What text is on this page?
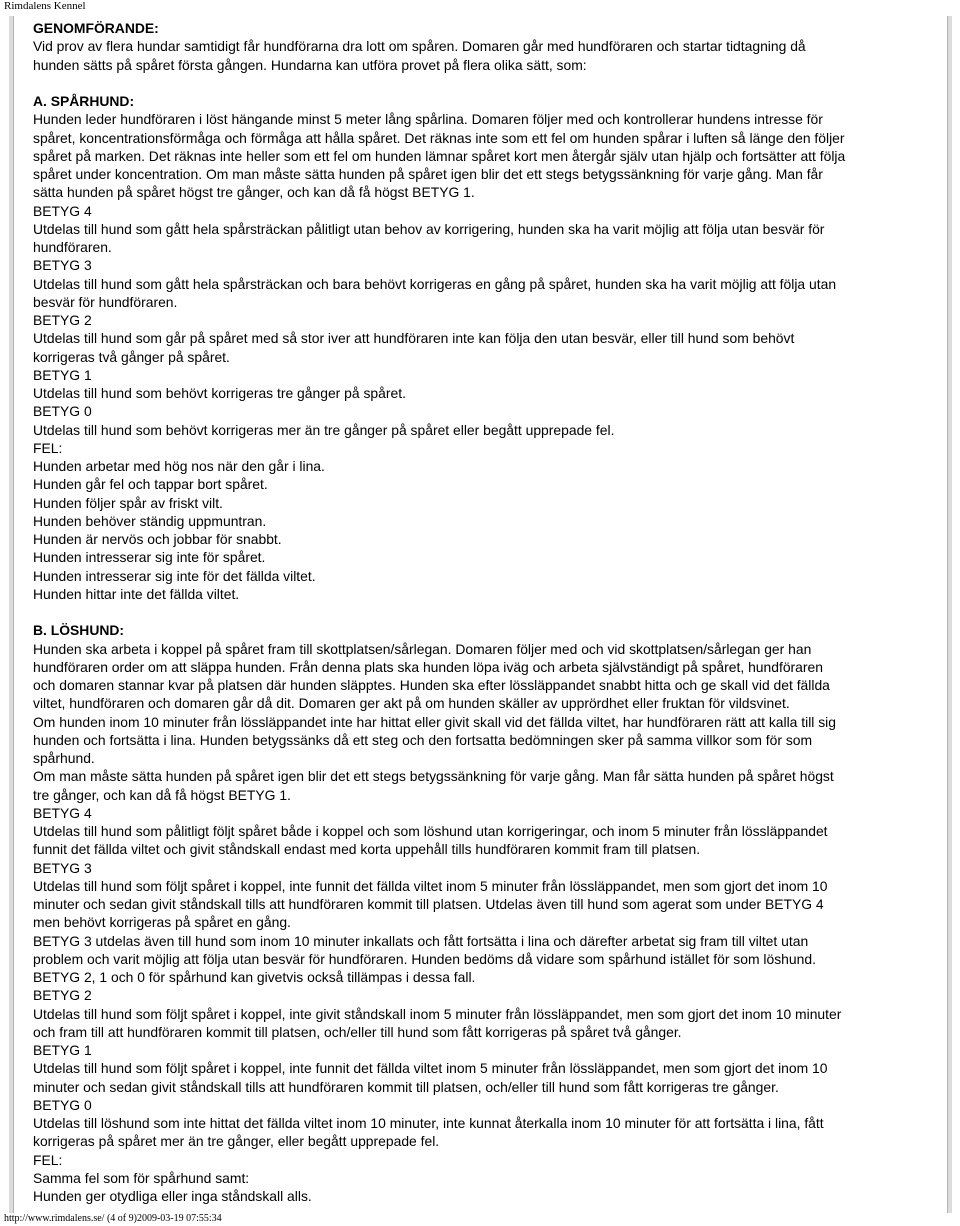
Rimdalens Kennel
GENOMFÖRANDE:
Vid prov av flera hundar samtidigt får hundförarna dra lott om spåren. Domaren går med hundföraren och startar tidtagning då
hunden sätts på spåret första gången. Hundarna kan utföra provet på flera olika sätt, som:
A. SPÅRHUND:
Hunden leder hundföraren i löst hängande minst 5 meter lång spårlina. Domaren följer med och kontrollerar hundens intresse för
spåret, koncentrationsförmåga och förmåga att hålla spåret. Det räknas inte som ett fel om hunden spårar i luften så länge den följer
spåret på marken. Det räknas inte heller som ett fel om hunden lämnar spåret kort men återgår själv utan hjälp och fortsätter att följa
spåret under koncentration. Om man måste sätta hunden på spåret igen blir det ett stegs betygssänkning för varje gång. Man får
sätta hunden på spåret högst tre gånger, och kan då få högst BETYG 1.
BETYG 4
Utdelas till hund som gått hela spårsträckan pålitligt utan behov av korrigering, hunden ska ha varit möjlig att följa utan besvär för
hundföraren.
BETYG 3
Utdelas till hund som gått hela spårsträckan och bara behövt korrigeras en gång på spåret, hunden ska ha varit möjlig att följa utan
besvär för hundföraren.
BETYG 2
Utdelas till hund som går på spåret med så stor iver att hundföraren inte kan följa den utan besvär, eller till hund som behövt
korrigeras två gånger på spåret.
BETYG 1
Utdelas till hund som behövt korrigeras tre gånger på spåret.
BETYG 0
Utdelas till hund som behövt korrigeras mer än tre gånger på spåret eller begått upprepade fel.
FEL:
Hunden arbetar med hög nos när den går i lina.
Hunden går fel och tappar bort spåret.
Hunden följer spår av friskt vilt.
Hunden behöver ständig uppmuntran.
Hunden är nervös och jobbar för snabbt.
Hunden intresserar sig inte för spåret.
Hunden intresserar sig inte för det fällda viltet.
Hunden hittar inte det fällda viltet.
B. LÖSHUND:
Hunden ska arbeta i koppel på spåret fram till skottplatsen/sårlegan. Domaren följer med och vid skottplatsen/sårlegan ger han
hundföraren order om att släppa hunden. Från denna plats ska hunden löpa iväg och arbeta självständigt på spåret, hundföraren
och domaren stannar kvar på platsen där hunden släpptes. Hunden ska efter lössläppandet snabbt hitta och ge skall vid det fällda
viltet, hundföraren och domaren går då dit. Domaren ger akt på om hunden skäller av upprördhet eller fruktan för vildsvinet.
Om hunden inom 10 minuter från lössläppandet inte har hittat eller givit skall vid det fällda viltet, har hundföraren rätt att kalla till sig
hunden och fortsätta i lina. Hunden betygssänks då ett steg och den fortsatta bedömningen sker på samma villkor som för som
spårhund.
Om man måste sätta hunden på spåret igen blir det ett stegs betygssänkning för varje gång. Man får sätta hunden på spåret högst
tre gånger, och kan då få högst BETYG 1.
BETYG 4
Utdelas till hund som pålitligt följt spåret både i koppel och som löshund utan korrigeringar, och inom 5 minuter från lössläppandet
funnit det fällda viltet och givit ståndskall endast med korta uppehåll tills hundföraren kommit fram till platsen.
BETYG 3
Utdelas till hund som följt spåret i koppel, inte funnit det fällda viltet inom 5 minuter från lössläppandet, men som gjort det inom 10
minuter och sedan givit ståndskall tills att hundföraren kommit till platsen. Utdelas även till hund som agerat som under BETYG 4
men behövt korrigeras på spåret en gång.
BETYG 3 utdelas även till hund som inom 10 minuter inkallats och fått fortsätta i lina och därefter arbetat sig fram till viltet utan
problem och varit möjlig att följa utan besvär för hundföraren. Hunden bedöms då vidare som spårhund istället för som löshund.
BETYG 2, 1 och 0 för spårhund kan givetvis också tillämpas i dessa fall.
BETYG 2
Utdelas till hund som följt spåret i koppel, inte givit ståndskall inom 5 minuter från lössläppandet, men som gjort det inom 10 minuter
och fram till att hundföraren kommit till platsen, och/eller till hund som fått korrigeras på spåret två gånger.
BETYG 1
Utdelas till hund som följt spåret i koppel, inte funnit det fällda viltet inom 5 minuter från lössläppandet, men som gjort det inom 10
minuter och sedan givit ståndskall tills att hundföraren kommit till platsen, och/eller till hund som fått korrigeras tre gånger.
BETYG 0
Utdelas till löshund som inte hittat det fällda viltet inom 10 minuter, inte kunnat återkalla inom 10 minuter för att fortsätta i lina, fått
korrigeras på spåret mer än tre gånger, eller begått upprepade fel.
FEL:
Samma fel som för spårhund samt:
Hunden ger otydliga eller inga ståndskall alls.
http://www.rimdalens.se/ (4 of 9)2009-03-19 07:55:34
